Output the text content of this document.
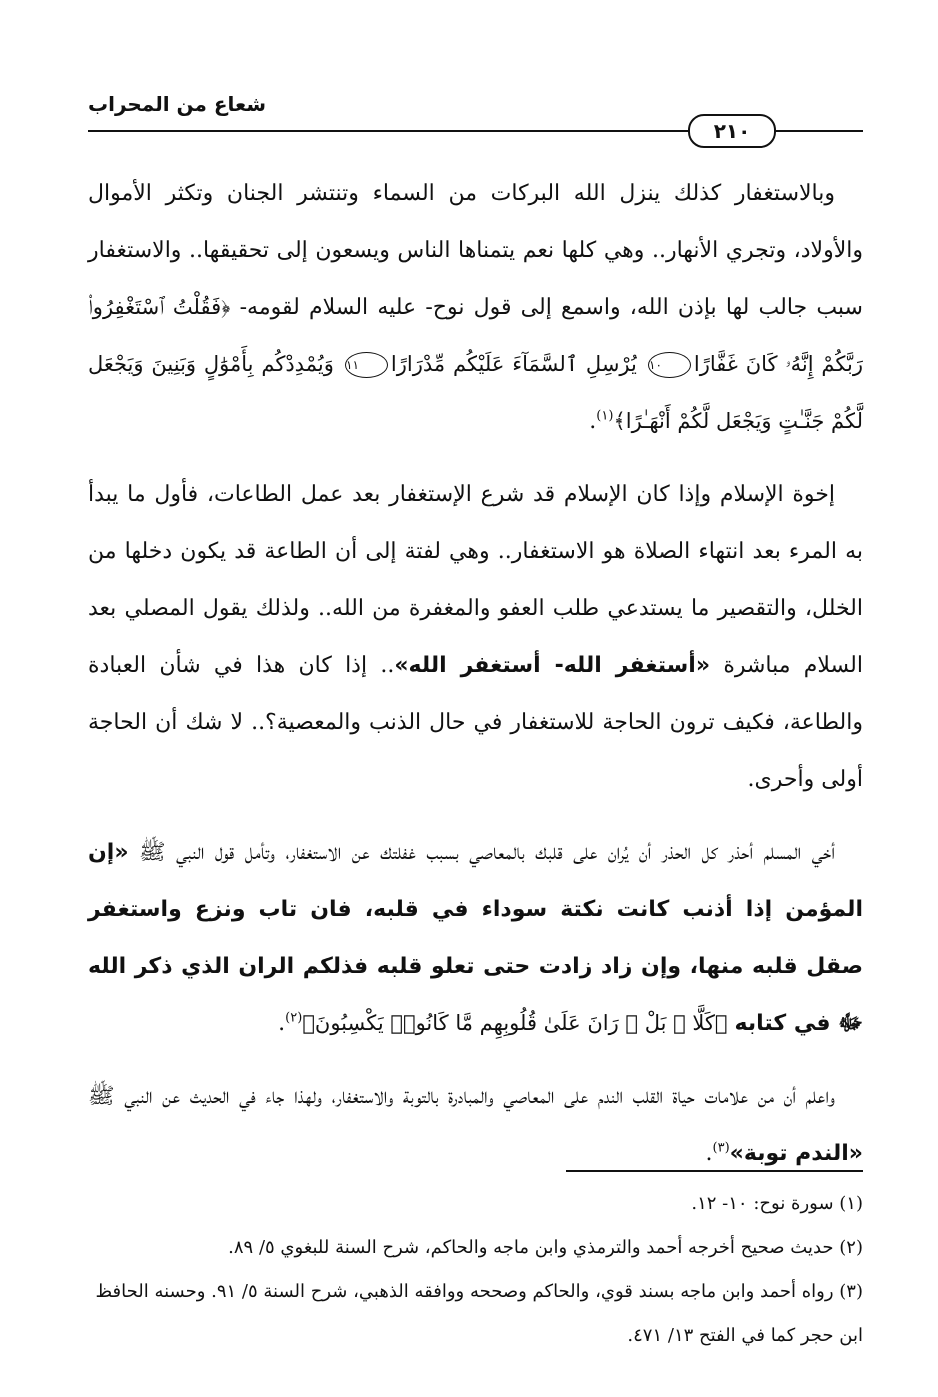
٢١٠
شعاع من المحراب

وبالاستغفار كذلك ينزل الله البركات من السماء وتنتشر الجنان وتكثر الأموال والأولاد، وتجري الأنهار.. وهي كلها نعم يتمناها الناس ويسعون إلى تحقيقها.. والاستغفار سبب جالب لها بإذن الله، واسمع إلى قول نوح- عليه السلام لقومه- ﴿فَقُلْتُ ٱسْتَغْفِرُوا۟ رَبَّكُمْ إِنَّهُۥ كَانَ غَفَّارًا١٠ يُرْسِلِ ٱلسَّمَآءَ عَلَيْكُم مِّدْرَارًا١١ وَيُمْدِدْكُم بِأَمْوَٰلٍ وَبَنِينَ وَيَجْعَل لَّكُمْ جَنَّـٰتٍ وَيَجْعَل لَّكُمْ أَنْهَـٰرًا﴾$^{(١)}$.

إخوة الإسلام وإذا كان الإسلام قد شرع الإستغفار بعد عمل الطاعات، فأول ما يبدأ به المرء بعد انتهاء الصلاة هو الاستغفار.. وهي لفتة إلى أن الطاعة قد يكون دخلها من الخلل، والتقصير ما يستدعي طلب العفو والمغفرة من الله.. ولذلك يقول المصلي بعد السلام مباشرة «أستغفر الله- أستغفر الله».. إذا كان هذا في شأن العبادة والطاعة، فكيف ترون الحاجة للاستغفار في حال الذنب والمعصية؟.. لا شك أن الحاجة أولى وأحرى.

أخي المسلم أحذر كل الحذر أن يُران على قلبك بالمعاصي بسبب غفلتك عن الاستغفار، وتأمل قول النبي ﷺ «إن المؤمن إذا أذنب كانت نكتة سوداء في قلبه، فان تاب ونزع واستغفر صقل قلبه منها، وإن زاد زادت حتى تعلو قلبه فذلكم الران الذي ذكر الله ﷻ في كتابه ﴿كَلَّا ۖ بَلْ ۜ رَانَ عَلَىٰ قُلُوبِهِم مَّا كَانُوا۟ يَكْسِبُونَ﴾$^{(٢)}$.

واعلم أن من علامات حياة القلب الندم على المعاصي والمبادرة بالتوبة والاستغفار، ولهذا جاء في الحديث عن النبي ﷺ «الندم توبة»$^{(٣)}$.

(١) سورة نوح: ١٠- ١٢.

(٢) حديث صحيح أخرجه أحمد والترمذي وابن ماجه والحاكم، شرح السنة للبغوي ٥/ ٨٩.

(٣) رواه أحمد وابن ماجه بسند قوي، والحاكم وصححه ووافقه الذهبي، شرح السنة ٥/ ٩١. وحسنه الحافظ ابن حجر كما في الفتح ١٣/ ٤٧١.
